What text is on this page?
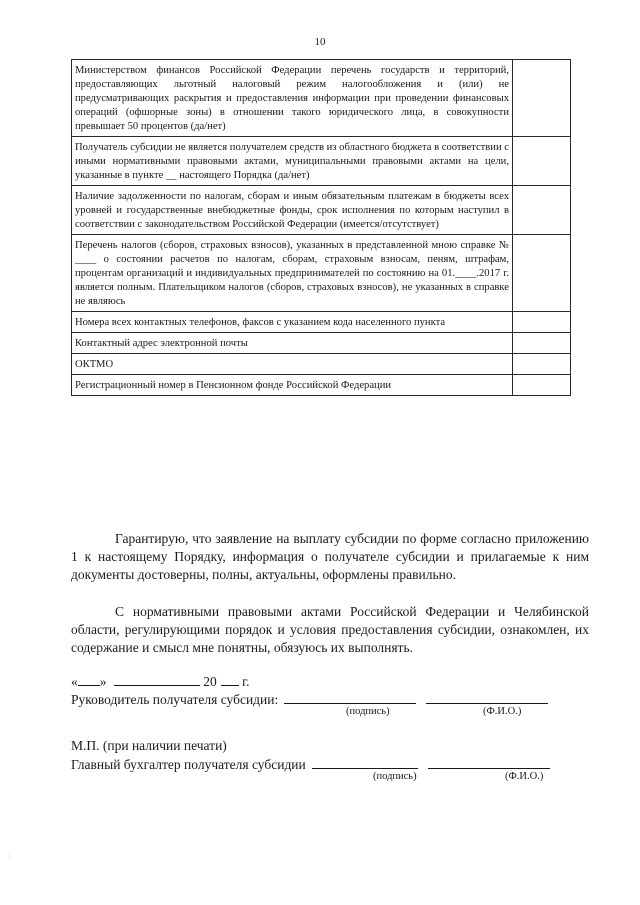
10
Министерством финансов Российской Федерации перечень государств и территорий, предоставляющих льготный налоговый режим налогообложения и (или) не предусматривающих раскрытия и предоставления информации при проведении финансовых операций (офшорные зоны) в отношении такого юридического лица, в совокупности превышает 50 процентов (да/нет)	
Получатель субсидии не является получателем средств из областного бюджета в соответствии с иными нормативными правовыми актами, муниципальными правовыми актами на цели, указанные в пункте __ настоящего Порядка (да/нет)	
Наличие задолженности по налогам, сборам и иным обязательным платежам в бюджеты всех уровней и государственные внебюджетные фонды, срок исполнения по которым наступил в соответствии с законодательством Российской Федерации (имеется/отсутствует)	
Перечень налогов (сборов, страховых взносов), указанных в представленной мною справке № ____ о состоянии расчетов по налогам, сборам, страховым взносам, пеням, штрафам, процентам организаций и индивидуальных предпринимателей по состоянию на 01.____.2017 г. является полным. Плательщиком налогов (сборов, страховых взносов), не указанных в справке не являюсь	
Номера всех контактных телефонов, факсов с указанием кода населенного пункта	
Контактный адрес электронной почты	
ОКТМО	
Регистрационный номер в Пенсионном фонде Российской Федерации	
Гарантирую, что заявление на выплату субсидии по форме согласно приложению 1 к настоящему Порядку, информация о получателе субсидии и прилагаемые к ним документы достоверны, полны, актуальны, оформлены правильно.
С нормативными правовыми актами Российской Федерации и Челябинской области, регулирующими порядок и условия предоставления субсидии, ознакомлен, их содержание и смысл мне понятны, обязуюсь их выполнять.
« »	20 г.
Руководитель получателя субсидии:
(подпись)	(Ф.И.О.)
М.П. (при наличии печати)
Главный бухгалтер получателя субсидии
(подпись)	(Ф.И.О.)
·
